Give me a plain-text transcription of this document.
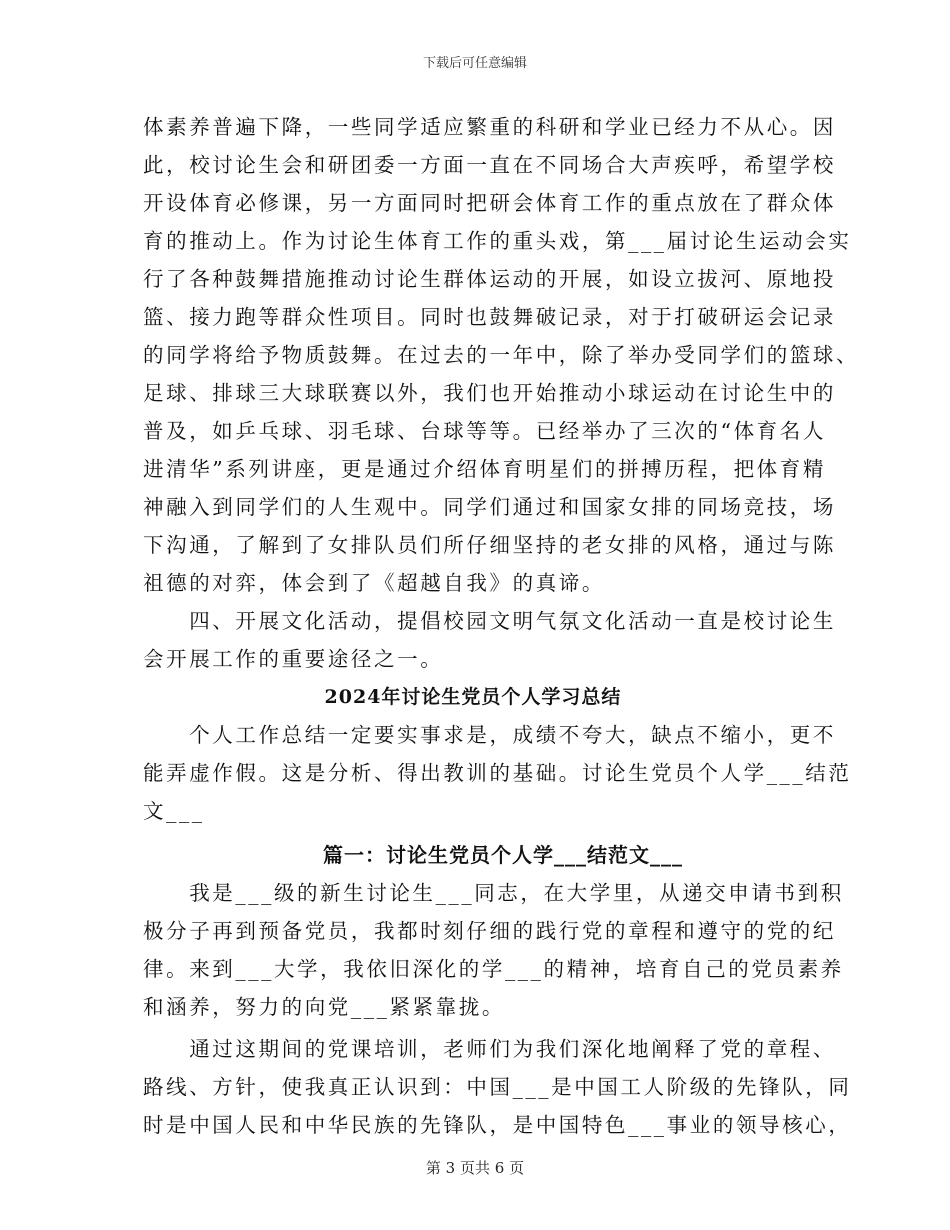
下载后可任意编辑
体素养普遍下降，一些同学适应繁重的科研和学业已经力不从心。因
此，校讨论生会和研团委一方面一直在不同场合大声疾呼，希望学校
开设体育必修课，另一方面同时把研会体育工作的重点放在了群众体
育的推动上。作为讨论生体育工作的重头戏，第___届讨论生运动会实
行了各种鼓舞措施推动讨论生群体运动的开展，如设立拔河、原地投
篮、接力跑等群众性项目。同时也鼓舞破记录，对于打破研运会记录
的同学将给予物质鼓舞。在过去的一年中，除了举办受同学们的篮球、
足球、排球三大球联赛以外，我们也开始推动小球运动在讨论生中的
普及，如乒乓球、羽毛球、台球等等。已经举办了三次的“体育名人
进清华”系列讲座，更是通过介绍体育明星们的拼搏历程，把体育精
神融入到同学们的人生观中。同学们通过和国家女排的同场竞技，场
下沟通，了解到了女排队员们所仔细坚持的老女排的风格，通过与陈
祖德的对弈，体会到了《超越自我》的真谛。
　　四、开展文化活动，提倡校园文明气氛文化活动一直是校讨论生
会开展工作的重要途径之一。
2024年讨论生党员个人学习总结
　　个人工作总结一定要实事求是，成绩不夸大，缺点不缩小，更不
能弄虚作假。这是分析、得出教训的基础。讨论生党员个人学___结范
文___
篇一：讨论生党员个人学___结范文___
　　我是___级的新生讨论生___同志，在大学里，从递交申请书到积
极分子再到预备党员，我都时刻仔细的践行党的章程和遵守的党的纪
律。来到___大学，我依旧深化的学___的精神，培育自己的党员素养
和涵养，努力的向党___紧紧靠拢。
　　通过这期间的党课培训，老师们为我们深化地阐释了党的章程、
路线、方针，使我真正认识到：中国___是中国工人阶级的先锋队，同
时是中国人民和中华民族的先锋队，是中国特色___事业的领导核心，
第 3 页共 6 页
